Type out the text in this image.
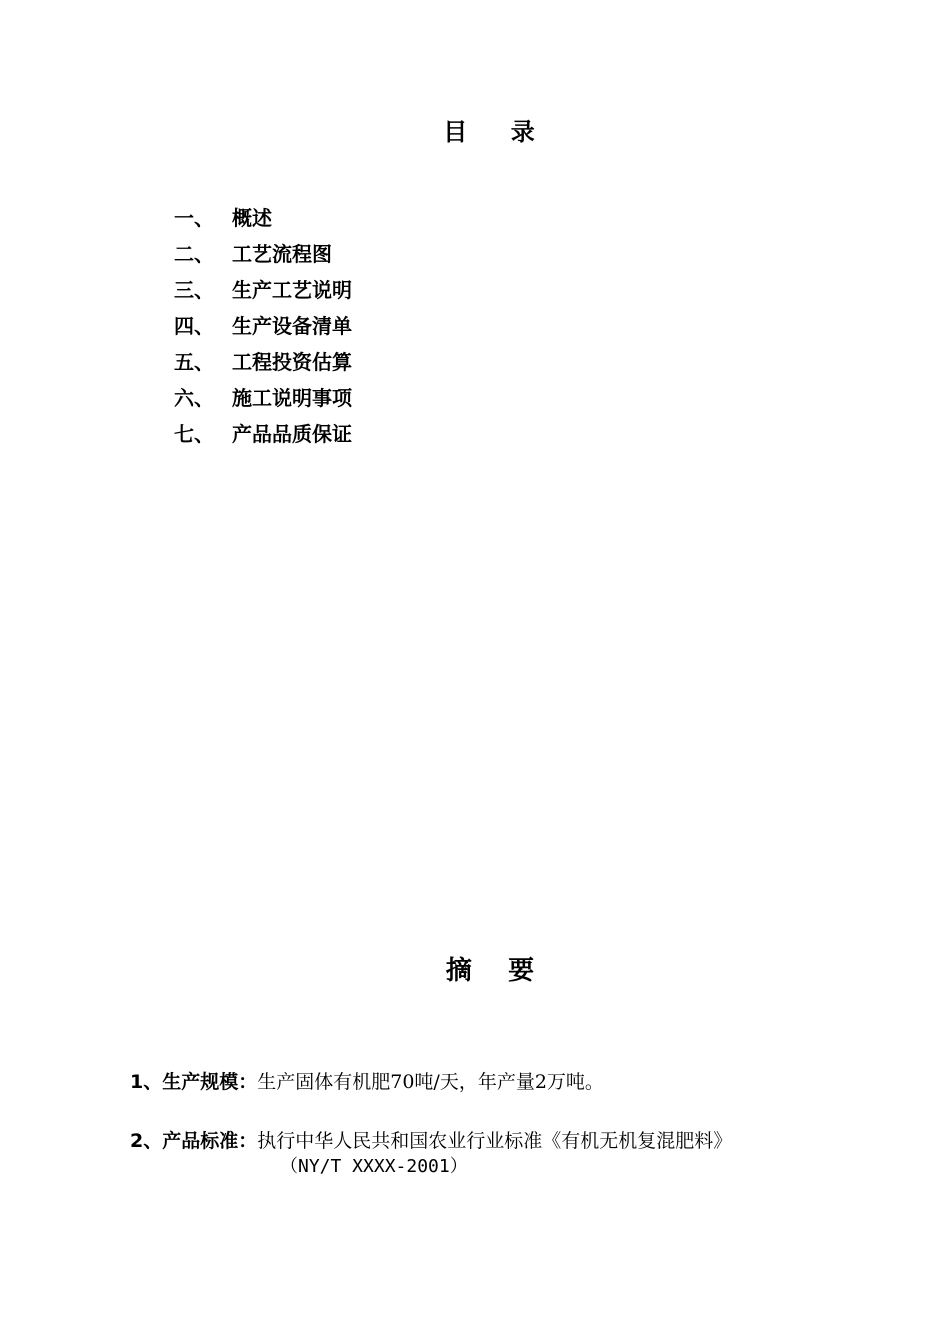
目    录
一、 概述
二、 工艺流程图
三、 生产工艺说明
四、 生产设备清单
五、 工程投资估算
六、 施工说明事项
七、 产品品质保证
摘    要
1、生产规模：生产固体有机肥70吨/天，年产量2万吨。
2、产品标准：执行中华人民共和国农业行业标准《有机无机复混肥料》
（NY/T XXXX-2001）
